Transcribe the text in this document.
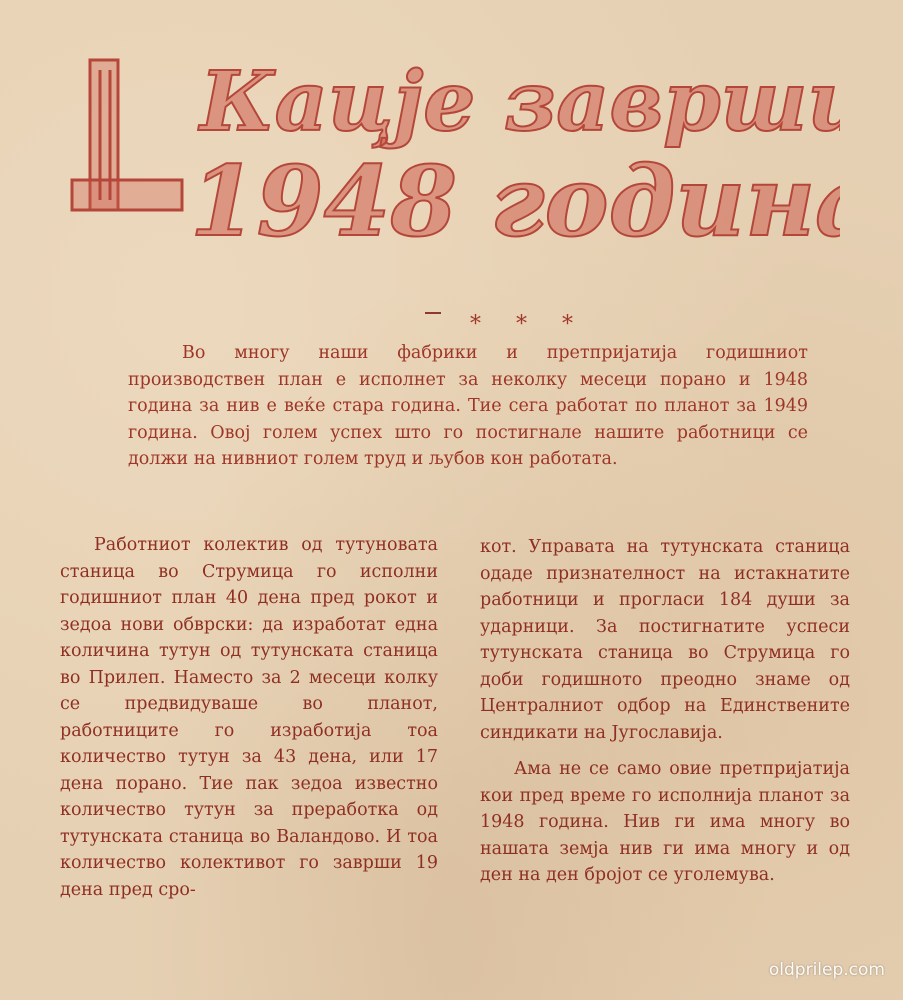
Кацје заврши
1948 година
* * *
Во многу наши фабрики и претпријатија годишниот производствен план е исполнет за неколку месеци порано и 1948 година за нив е веќе стара година. Тие сега работат по планот за 1949 година. Овој голем успех што го постигнале нашите работници се должи на нивниот голем труд и љубов кон работата.

Работниот колектив од тутуновата станица во Струмица го исполни годишниот план 40 дена пред рокот и зедоа нови обврски: да изработат една количина тутун од тутунската станица во Прилеп. Наместо за 2 месеци колку се предвидуваше во планот, работниците го изработија тоа количество тутун за 43 дена, или 17 дена порано. Тие пак зедоа известно количество тутун за преработка од тутунската станица во Валандово. И тоа количество колективот го заврши 19 дена пред сро-

кот. Управата на тутунската станица одаде признателност на истакнатите работници и прогласи 184 души за ударници. За постигнатите успеси тутунската станица во Струмица го доби годишното преодно знаме од Централниот одбор на Единствените синдикати на Југославија.

Ама не се само овие претпријатија кои пред време го исполнија планот за 1948 година. Нив ги има многу во нашата земја нив ги има многу и од ден на ден бројот се уголемува.

oldprilep.com
